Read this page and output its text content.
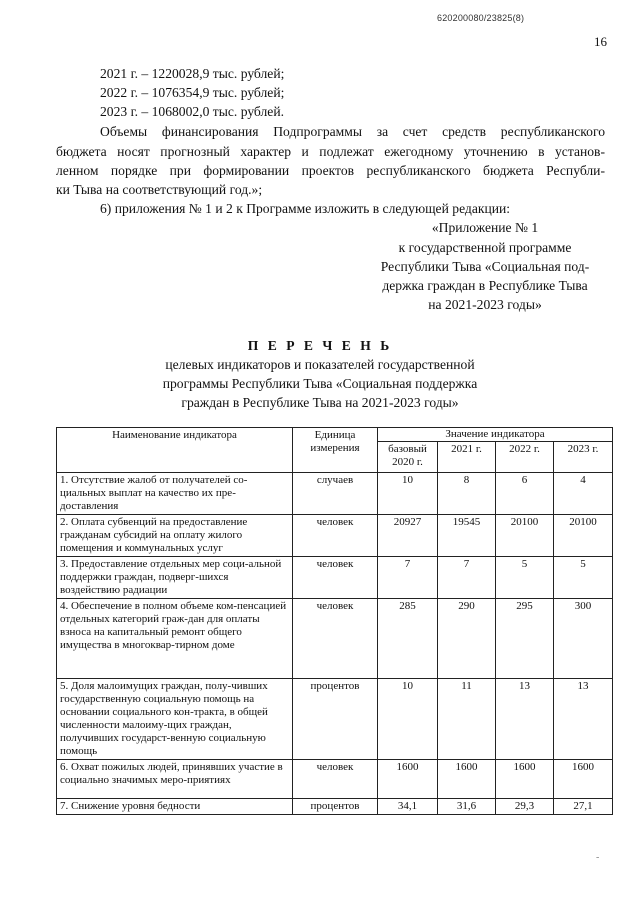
620200080/23825(8)
16
2021 г. – 1220028,9 тыс. рублей;
2022 г. – 1076354,9 тыс. рублей;
2023 г. – 1068002,0 тыс. рублей.
Объемы финансирования Подпрограммы за счет средств республиканского
бюджета носят прогнозный характер и подлежат ежегодному уточнению в установ-
ленном порядке при формировании проектов республиканского бюджета Республи-
ки Тыва на соответствующий год.»;
6) приложения № 1 и 2 к Программе изложить в следующей редакции:
«Приложение № 1
к государственной программе
Республики Тыва «Социальная под-
держка граждан в Республике Тыва
на 2021-2023 годы»
П Е Р Е Ч Е Н Ь
целевых индикаторов и показателей государственной
программы Республики Тыва «Социальная поддержка
граждан в Республике Тыва на 2021-2023 годы»
Наименование индикатора	Единица измерения	Значение индикатора			
		базовый 2020 г.	2021 г.	2022 г.	2023 г.
1. Отсутствие жалоб от получателей со-циальных выплат на качество их пре-доставления	случаев	10	8	6	4
2. Оплата субвенций на предоставление гражданам субсидий на оплату жилого помещения и коммунальных услуг	человек	20927	19545	20100	20100
3. Предоставление отдельных мер соци-альной поддержки граждан, подверг-шихся воздействию радиации	человек	7	7	5	5
4. Обеспечение в полном объеме ком-пенсацией отдельных категорий граж-дан для оплаты взноса на капитальный ремонт общего имущества в многоквар-тирном доме	человек	285	290	295	300
5. Доля малоимущих граждан, полу-чивших государственную социальную помощь на основании социального кон-тракта, в общей численности малоиму-щих граждан, получивших государст-венную социальную помощь	процентов	10	11	13	13
6. Охват пожилых людей, принявших участие в социально значимых меро-приятиях	человек	1600	1600	1600	1600
7. Снижение уровня бедности	процентов	34,1	31,6	29,3	27,1
-
